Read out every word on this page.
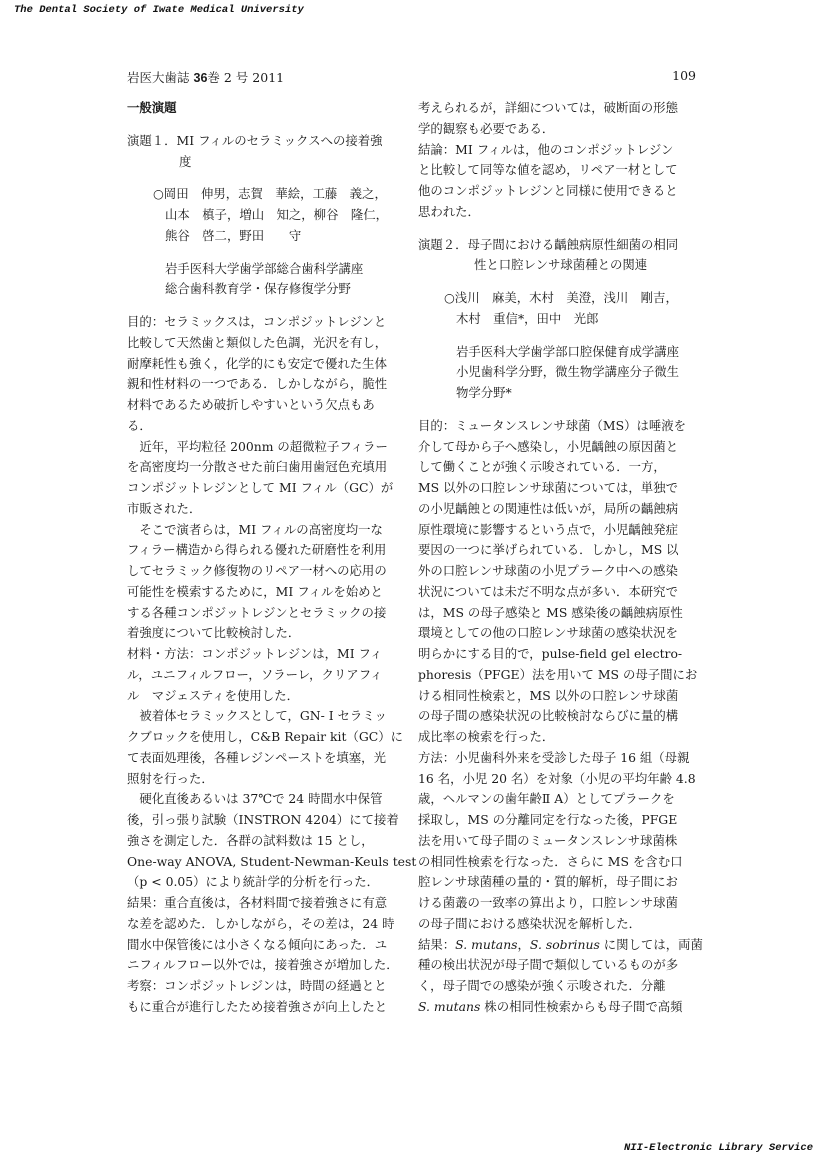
The Dental Society of Iwate Medical University
岩医大歯誌 36巻 2 号 2011	109
一般演題
演題１．MI フィルのセラミックスへの接着強
度
○岡田　伸男，志賀　華絵，工藤　義之，
山本　槙子，増山　知之，柳谷　隆仁，
熊谷　啓二，野田　　守
岩手医科大学歯学部総合歯科学講座
総合歯科教育学・保存修復学分野
目的：セラミックスは，コンポジットレジンと
比較して天然歯と類似した色調，光沢を有し，
耐摩耗性も強く，化学的にも安定で優れた生体
親和性材料の一つである．しかしながら，脆性
材料であるため破折しやすいという欠点もあ
る．
　近年，平均粒径 200nm の超微粒子フィラー
を高密度均一分散させた前臼歯用歯冠色充填用
コンポジットレジンとして MI フィル（GC）が
市販された．
　そこで演者らは，MI フィルの高密度均一な
フィラー構造から得られる優れた研磨性を利用
してセラミック修復物のリペア一材への応用の
可能性を模索するために，MI フィルを始めと
する各種コンポジットレジンとセラミックの接
着強度について比較検討した．
材料・方法：コンポジットレジンは，MI フィ
ル，ユニフィルフロー，ソラーレ，クリアフィ
ル　マジェスティを使用した．
　被着体セラミックスとして，GN- I セラミッ
クブロックを使用し，C&B Repair kit（GC）に
て表面処理後，各種レジンペーストを填塞，光
照射を行った．
　硬化直後あるいは 37℃で 24 時間水中保管
後，引っ張り試験（INSTRON 4204）にて接着
強さを測定した．各群の試料数は 15 とし，
One-way ANOVA, Student-Newman-Keuls test
（p < 0.05）により統計学的分析を行った．
結果：重合直後は，各材料間で接着強さに有意
な差を認めた．しかしながら，その差は，24 時
間水中保管後には小さくなる傾向にあった．ユ
ニフィルフロー以外では，接着強さが増加した．
考察：コンポジットレジンは，時間の経過とと
もに重合が進行したため接着強さが向上したと
考えられるが，詳細については，破断面の形態
学的観察も必要である．
結論：MI フィルは，他のコンポジットレジン
と比較して同等な値を認め，リペア一材として
他のコンポジットレジンと同様に使用できると
思われた．
演題２．母子間における齲蝕病原性細菌の相同
性と口腔レンサ球菌種との関連
○浅川　麻美，木村　美澄，浅川　剛吉，
木村　重信*，田中　光郎
岩手医科大学歯学部口腔保健育成学講座
小児歯科学分野，微生物学講座分子微生
物学分野*
目的：ミュータンスレンサ球菌（MS）は唾液を
介して母から子へ感染し，小児齲蝕の原因菌と
して働くことが強く示唆されている．一方，
MS 以外の口腔レンサ球菌については，単独で
の小児齲蝕との関連性は低いが，局所の齲蝕病
原性環境に影響するという点で，小児齲蝕発症
要因の一つに挙げられている．しかし，MS 以
外の口腔レンサ球菌の小児プラーク中への感染
状況については未だ不明な点が多い．本研究で
は，MS の母子感染と MS 感染後の齲蝕病原性
環境としての他の口腔レンサ球菌の感染状況を
明らかにする目的で，pulse-field gel electro-
phoresis（PFGE）法を用いて MS の母子間にお
ける相同性検索と，MS 以外の口腔レンサ球菌
の母子間の感染状況の比較検討ならびに量的構
成比率の検索を行った．
方法：小児歯科外来を受診した母子 16 組（母親
16 名，小児 20 名）を対象（小児の平均年齢 4.8
歳，ヘルマンの歯年齢Ⅱ A）としてプラークを
採取し，MS の分離同定を行なった後，PFGE
法を用いて母子間のミュータンスレンサ球菌株
の相同性検索を行なった．さらに MS を含む口
腔レンサ球菌種の量的・質的解析，母子間にお
ける菌叢の一致率の算出より，口腔レンサ球菌
の母子間における感染状況を解析した．
結果：S. mutans，S. sobrinus に関しては，両菌
種の検出状況が母子間で類似しているものが多
く，母子間での感染が強く示唆された．分離
S. mutans 株の相同性検索からも母子間で高頻
NII-Electronic Library Service
